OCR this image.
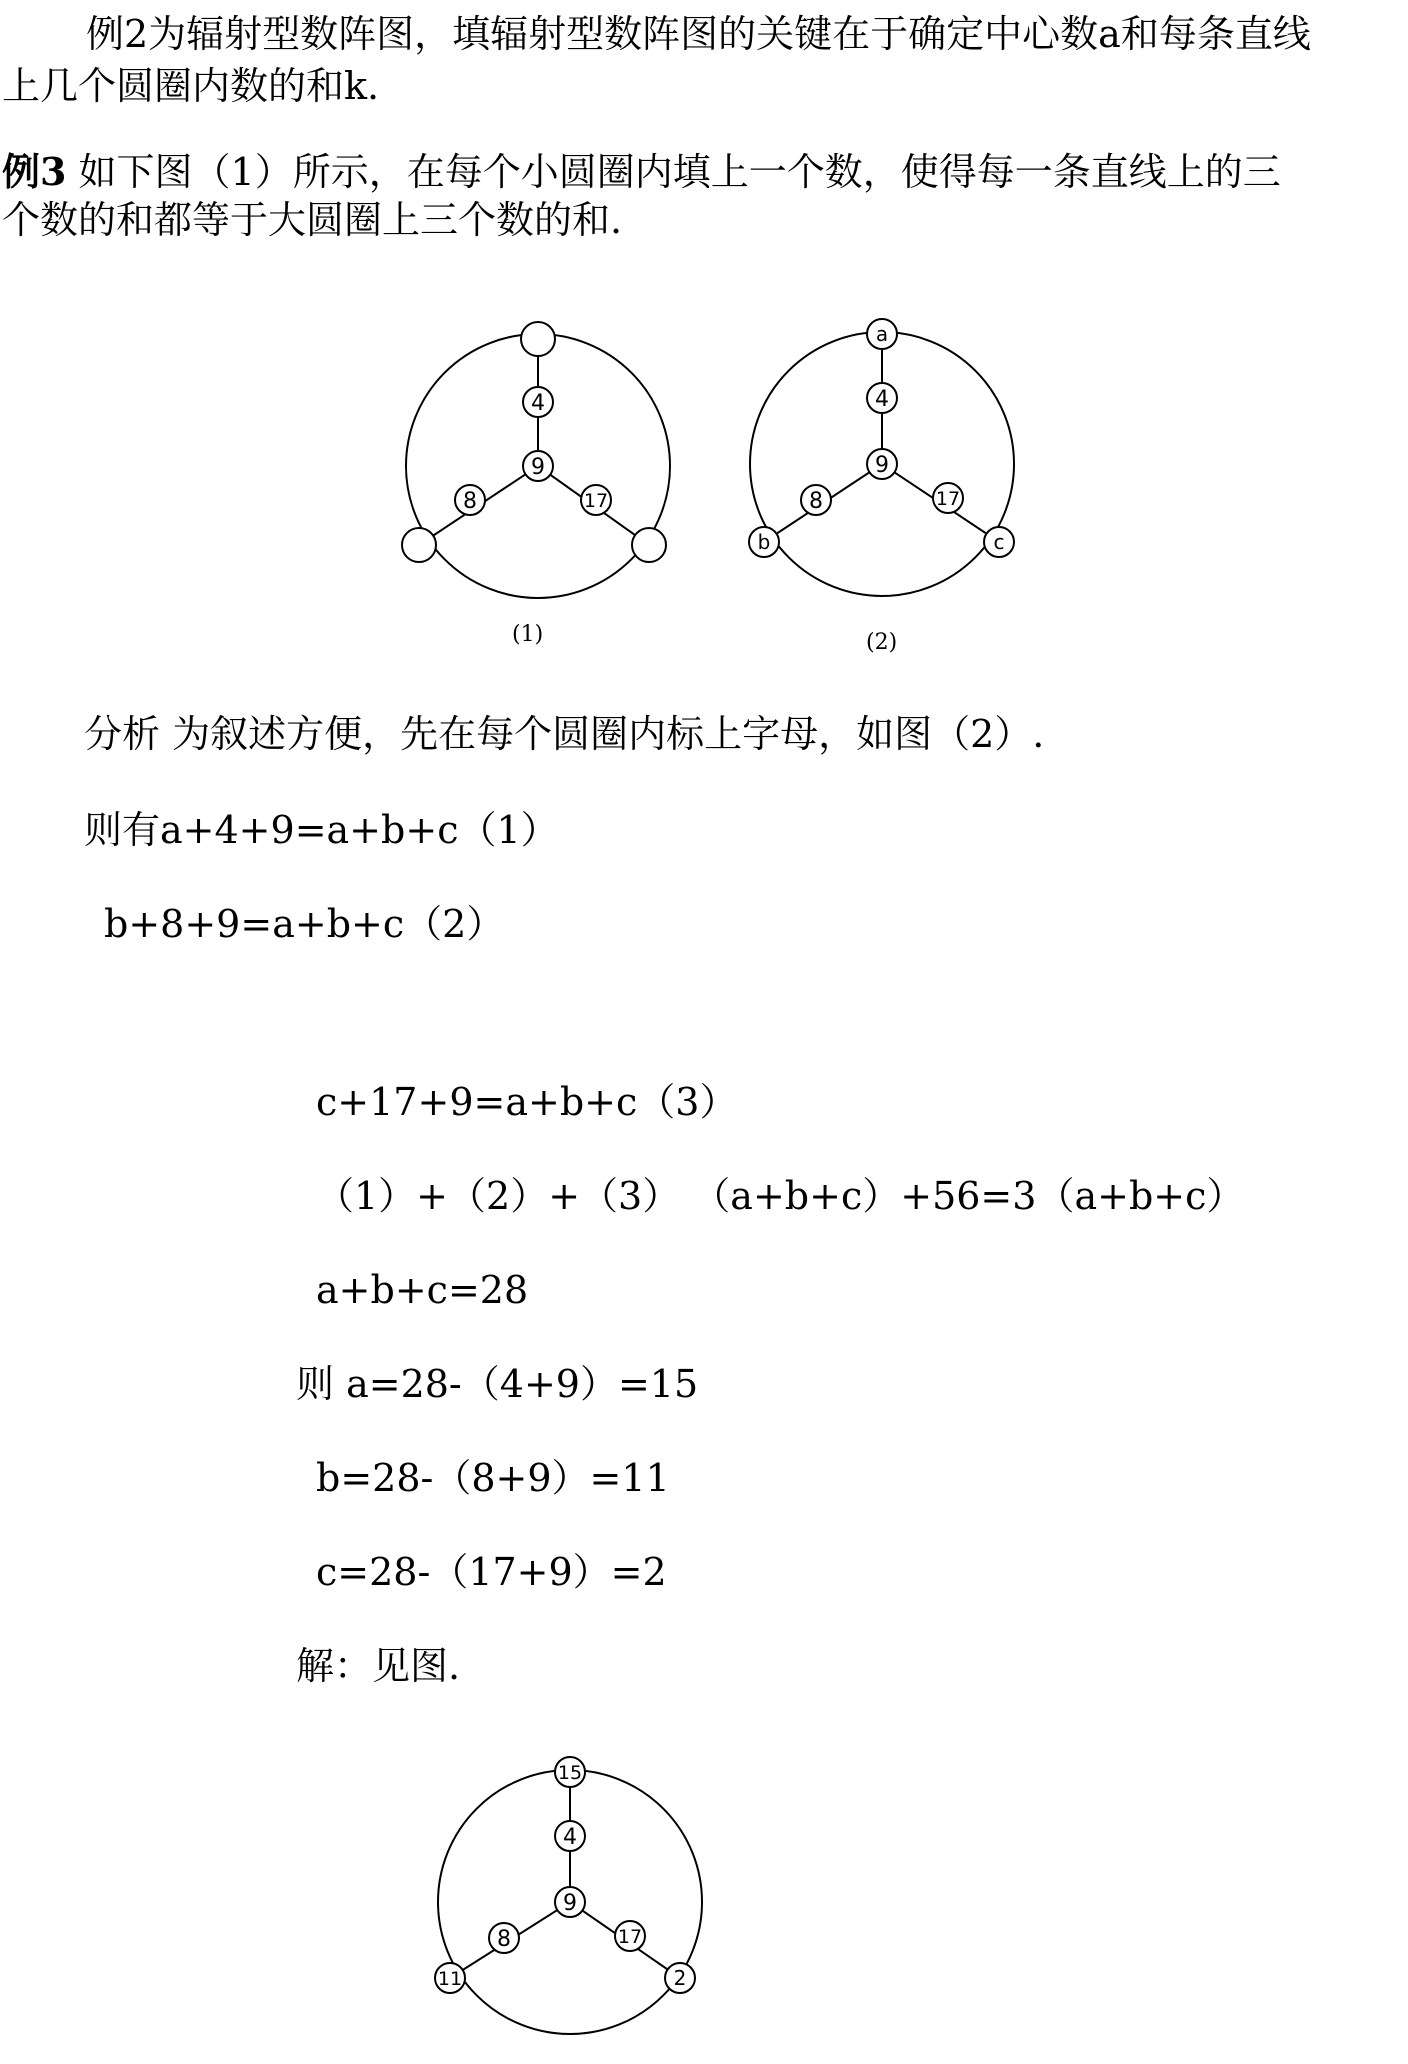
例2为辐射型数阵图，填辐射型数阵图的关键在于确定中心数a和每条直线
上几个圆圈内数的和k.
例3 如下图（1）所示，在每个小圆圈内填上一个数，使得每一条直线上的三
个数的和都等于大圆圈上三个数的和.
4
9
8	17
(1)
a
4
9
8	17
b	c
(2)
分析 为叙述方便，先在每个圆圈内标上字母，如图（2）.
则有a+4+9=a+b+c（1）
b+8+9=a+b+c（2）
c+17+9=a+b+c（3）
（1）+（2）+（3） （a+b+c）+56=3（a+b+c）
a+b+c=28
则 a=28-（4+9）=15
b=28-（8+9）=11
c=28-（17+9）=2
解：见图.
15
4
9
8	17
11	2
